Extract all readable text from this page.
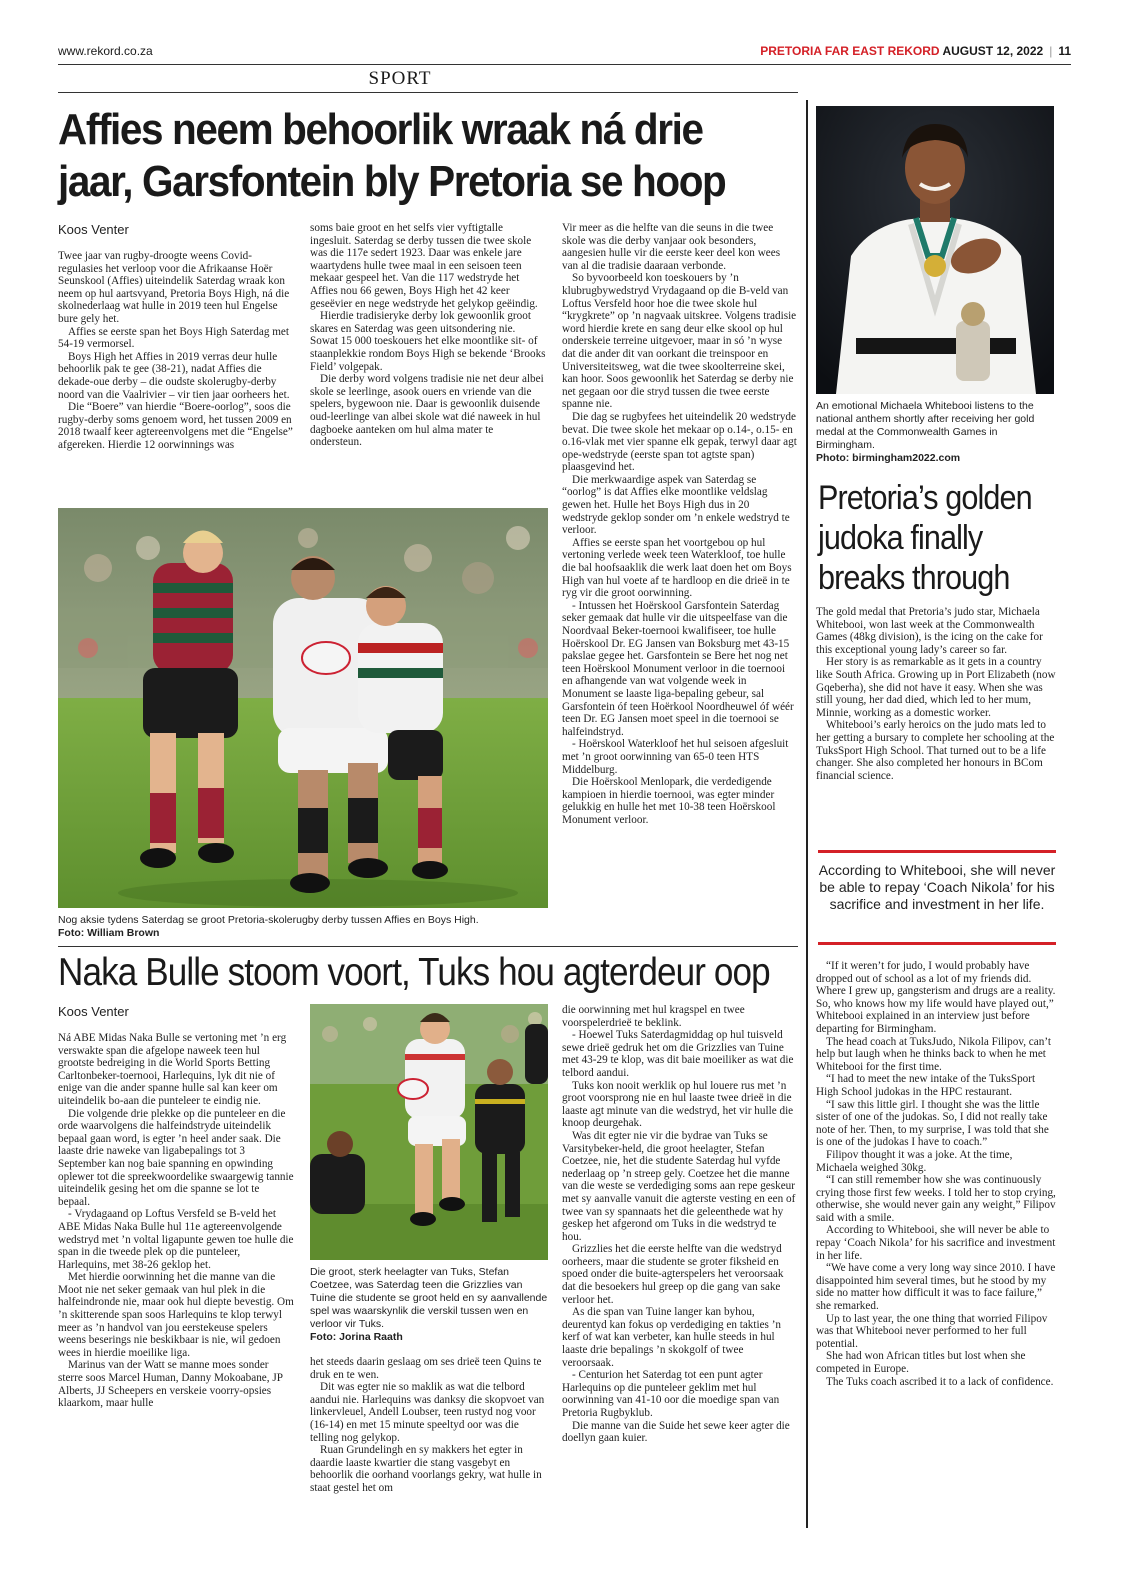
www.rekord.co.za	PRETORIA FAR EAST REKORD AUGUST 12, 2022 | 11
SPORT
Affies neem behoorlik wraak ná drie
jaar, Garsfontein bly Pretoria se hoop
Koos Venter

Twee jaar van rugby-droogte weens Covid-regulasies het verloop voor die Afrikaanse Hoër Seunskool (Affies) uiteindelik Saterdag wraak kon neem op hul aartsvyand, Pretoria Boys High, ná die skolnederlaag wat hulle in 2019 teen hul Engelse bure gely het.

Affies se eerste span het Boys High Saterdag met 54-19 vermorsel.

Boys High het Affies in 2019 verras deur hulle behoorlik pak te gee (38-21), nadat Affies die dekade-oue derby – die oudste skolerugby-derby noord van die Vaalrivier – vir tien jaar oorheers het.

Die “Boere” van hierdie “Boere-oorlog”, soos die rugby-derby soms genoem word, het tussen 2009 en 2018 twaalf keer agtereenvolgens met die “Engelse” afgereken. Hierdie 12 oorwinnings was

soms baie groot en het selfs vier vyftigtalle ingesluit. Saterdag se derby tussen die twee skole was die 117e sedert 1923. Daar was enkele jare waartydens hulle twee maal in een seisoen teen mekaar gespeel het. Van die 117 wedstryde het Affies nou 66 gewen, Boys High het 42 keer geseëvier en nege wedstryde het gelykop geëindig.

Hierdie tradisieryke derby lok gewoonlik groot skares en Saterdag was geen uitsondering nie. Sowat 15 000 toeskouers het elke moontlike sit- of staanplekkie rondom Boys High se bekende ‘Brooks Field’ volgepak.

Die derby word volgens tradisie nie net deur albei skole se leerlinge, asook ouers en vriende van die spelers, bygewoon nie. Daar is gewoonlik duisende oud-leerlinge van albei skole wat dié naweek in hul dagboeke aanteken om hul alma mater te ondersteun.

Vir meer as die helfte van die seuns in die twee skole was die derby vanjaar ook besonders, aangesien hulle vir die eerste keer deel kon wees van al die tradisie daaraan verbonde.

So byvoorbeeld kon toeskouers by ’n klubrugbywedstryd Vrydagaand op die B-veld van Loftus Versfeld hoor hoe die twee skole hul “krygkrete” op ’n nagvaak uitskree. Volgens tradisie word hierdie krete en sang deur elke skool op hul onderskeie terreine uitgevoer, maar in só ’n wyse dat die ander dit van oorkant die treinspoor en Universiteitsweg, wat die twee skoolterreine skei, kan hoor. Soos gewoonlik het Saterdag se derby nie net gegaan oor die stryd tussen die twee eerste spanne nie.

Die dag se rugbyfees het uiteindelik 20 wedstryde bevat. Die twee skole het mekaar op o.14-, o.15- en o.16-vlak met vier spanne elk gepak, terwyl daar agt ope-wedstryde (eerste span tot agtste span) plaasgevind het.

Die merkwaardige aspek van Saterdag se “oorlog” is dat Affies elke moontlike veldslag gewen het. Hulle het Boys High dus in 20 wedstryde geklop sonder om ’n enkele wedstryd te verloor.

Affies se eerste span het voortgebou op hul vertoning verlede week teen Waterkloof, toe hulle die bal hoofsaaklik die werk laat doen het om Boys High van hul voete af te hardloop en die drieë in te ryg vir die groot oorwinning.

- Intussen het Hoërskool Garsfontein Saterdag seker gemaak dat hulle vir die uitspeelfase van die Noordvaal Beker-toernooi kwalifiseer, toe hulle Hoërskool Dr. EG Jansen van Boksburg met 43-15 pakslae gegee het. Garsfontein se Bere het nog net teen Hoërskool Monument verloor in die toernooi en afhangende van wat volgende week in Monument se laaste liga-bepaling gebeur, sal Garsfontein óf teen Hoërkool Noordheuwel óf wéér teen Dr. EG Jansen moet speel in die toernooi se halfeindstryd.

- Hoërskool Waterkloof het hul seisoen afgesluit met ’n groot oorwinning van 65-0 teen HTS Middelburg.

Die Hoërskool Menlopark, die verdedigende kampioen in hierdie toernooi, was egter minder gelukkig en hulle het met 10-38 teen Hoërskool Monument verloor.

Nog aksie tydens Saterdag se groot Pretoria-skolerugby derby tussen Affies en Boys High.
Foto: William Brown
Naka Bulle stoom voort, Tuks hou agterdeur oop
Koos Venter

Ná ABE Midas Naka Bulle se vertoning met ’n erg verswakte span die afgelope naweek teen hul grootste bedreiging in die World Sports Betting Carltonbeker-toernooi, Harlequins, lyk dit nie of enige van die ander spanne hulle sal kan keer om uiteindelik bo-aan die punteleer te eindig nie.

Die volgende drie plekke op die punteleer en die orde waarvolgens die halfeindstryde uiteindelik bepaal gaan word, is egter ’n heel ander saak. Die laaste drie naweke van ligabepalings tot 3 September kan nog baie spanning en opwinding oplewer tot die spreekwoordelike swaargewig tannie uiteindelik gesing het om die spanne se lot te bepaal.

- Vrydagaand op Loftus Versfeld se B-veld het ABE Midas Naka Bulle hul 11e agtereenvolgende wedstryd met ’n voltal ligapunte gewen toe hulle die span in die tweede plek op die punteleer, Harlequins, met 38-26 geklop het.

Met hierdie oorwinning het die manne van die Moot nie net seker gemaak van hul plek in die halfeindronde nie, maar ook hul diepte bevestig. Om ’n skitterende span soos Harlequins te klop terwyl meer as ’n handvol van jou eerstekeuse spelers weens beserings nie beskikbaar is nie, wil gedoen wees in hierdie moeilike liga.

Marinus van der Watt se manne moes sonder sterre soos Marcel Human, Danny Mokoabane, JP Alberts, JJ Scheepers en verskeie voorry-opsies klaarkom, maar hulle

Die groot, sterk heelagter van Tuks, Stefan Coetzee, was Saterdag teen die Grizzlies van Tuine die studente se groot held en sy aanvallende spel was waarskynlik die verskil tussen wen en verloor vir Tuks.
Foto: Jorina Raath

het steeds daarin geslaag om ses drieë teen Quins te druk en te wen.

Dit was egter nie so maklik as wat die telbord aandui nie. Harlequins was danksy die skopvoet van linkervleuel, Andell Loubser, teen rustyd nog voor (16-14) en met 15 minute speeltyd oor was die telling nog gelykop.

Ruan Grundelingh en sy makkers het egter in daardie laaste kwartier die stang vasgebyt en behoorlik die oorhand voorlangs gekry, wat hulle in staat gestel het om

die oorwinning met hul kragspel en twee voorspelerdrieë te beklink.

- Hoewel Tuks Saterdagmiddag op hul tuisveld sewe drieë gedruk het om die Grizzlies van Tuine met 43-29 te klop, was dit baie moeiliker as wat die telbord aandui.

Tuks kon nooit werklik op hul louere rus met ’n groot voorsprong nie en hul laaste twee drieë in die laaste agt minute van die wedstryd, het vir hulle die knoop deurgehak.

Was dit egter nie vir die bydrae van Tuks se Varsitybeker-held, die groot heelagter, Stefan Coetzee, nie, het die studente Saterdag hul vyfde nederlaag op ’n streep gely. Coetzee het die manne van die weste se verdediging soms aan repe geskeur met sy aanvalle vanuit die agterste vesting en een of twee van sy spannaats het die geleenthede wat hy geskep het afgerond om Tuks in die wedstryd te hou.

Grizzlies het die eerste helfte van die wedstryd oorheers, maar die studente se groter fiksheid en spoed onder die buite-agterspelers het veroorsaak dat die besoekers hul greep op die gang van sake verloor het.

As die span van Tuine langer kan byhou, deurentyd kan fokus op verdediging en takties ’n kerf of wat kan verbeter, kan hulle steeds in hul laaste drie bepalings ’n skokgolf of twee veroorsaak.

- Centurion het Saterdag tot een punt agter Harlequins op die punteleer geklim met hul oorwinning van 41-10 oor die moedige span van Pretoria Rugbyklub.

Die manne van die Suide het sewe keer agter die doellyn gaan kuier.

An emotional Michaela Whitebooi listens to the national anthem shortly after receiving her gold medal at the Commonwealth Games in Birmingham.
Photo: birmingham2022.com
Pretoria’s golden
judoka finally
breaks through

The gold medal that Pretoria’s judo star, Michaela Whitebooi, won last week at the Commonwealth Games (48kg division), is the icing on the cake for this exceptional young lady’s career so far.

Her story is as remarkable as it gets in a country like South Africa. Growing up in Port Elizabeth (now Gqeberha), she did not have it easy. When she was still young, her dad died, which led to her mum, Minnie, working as a domestic worker.

Whitebooi’s early heroics on the judo mats led to her getting a bursary to complete her schooling at the TuksSport High School. That turned out to be a life changer. She also completed her honours in BCom financial science.

According to Whitebooi, she will never be able to repay ‘Coach Nikola’ for his sacrifice and investment in her life.

“If it weren’t for judo, I would probably have dropped out of school as a lot of my friends did. Where I grew up, gangsterism and drugs are a reality. So, who knows how my life would have played out,” Whitebooi explained in an interview just before departing for Birmingham.

The head coach at TuksJudo, Nikola Filipov, can’t help but laugh when he thinks back to when he met Whitebooi for the first time.

“I had to meet the new intake of the TuksSport High School judokas in the HPC restaurant.

“I saw this little girl. I thought she was the little sister of one of the judokas. So, I did not really take note of her. Then, to my surprise, I was told that she is one of the judokas I have to coach.”

Filipov thought it was a joke. At the time, Michaela weighed 30kg.

“I can still remember how she was continuously crying those first few weeks. I told her to stop crying, otherwise, she would never gain any weight,” Filipov said with a smile.

According to Whitebooi, she will never be able to repay ‘Coach Nikola’ for his sacrifice and investment in her life.

“We have come a very long way since 2010. I have disappointed him several times, but he stood by my side no matter how difficult it was to face failure,” she remarked.

Up to last year, the one thing that worried Filipov was that Whitebooi never performed to her full potential.

She had won African titles but lost when she competed in Europe.

The Tuks coach ascribed it to a lack of confidence.
